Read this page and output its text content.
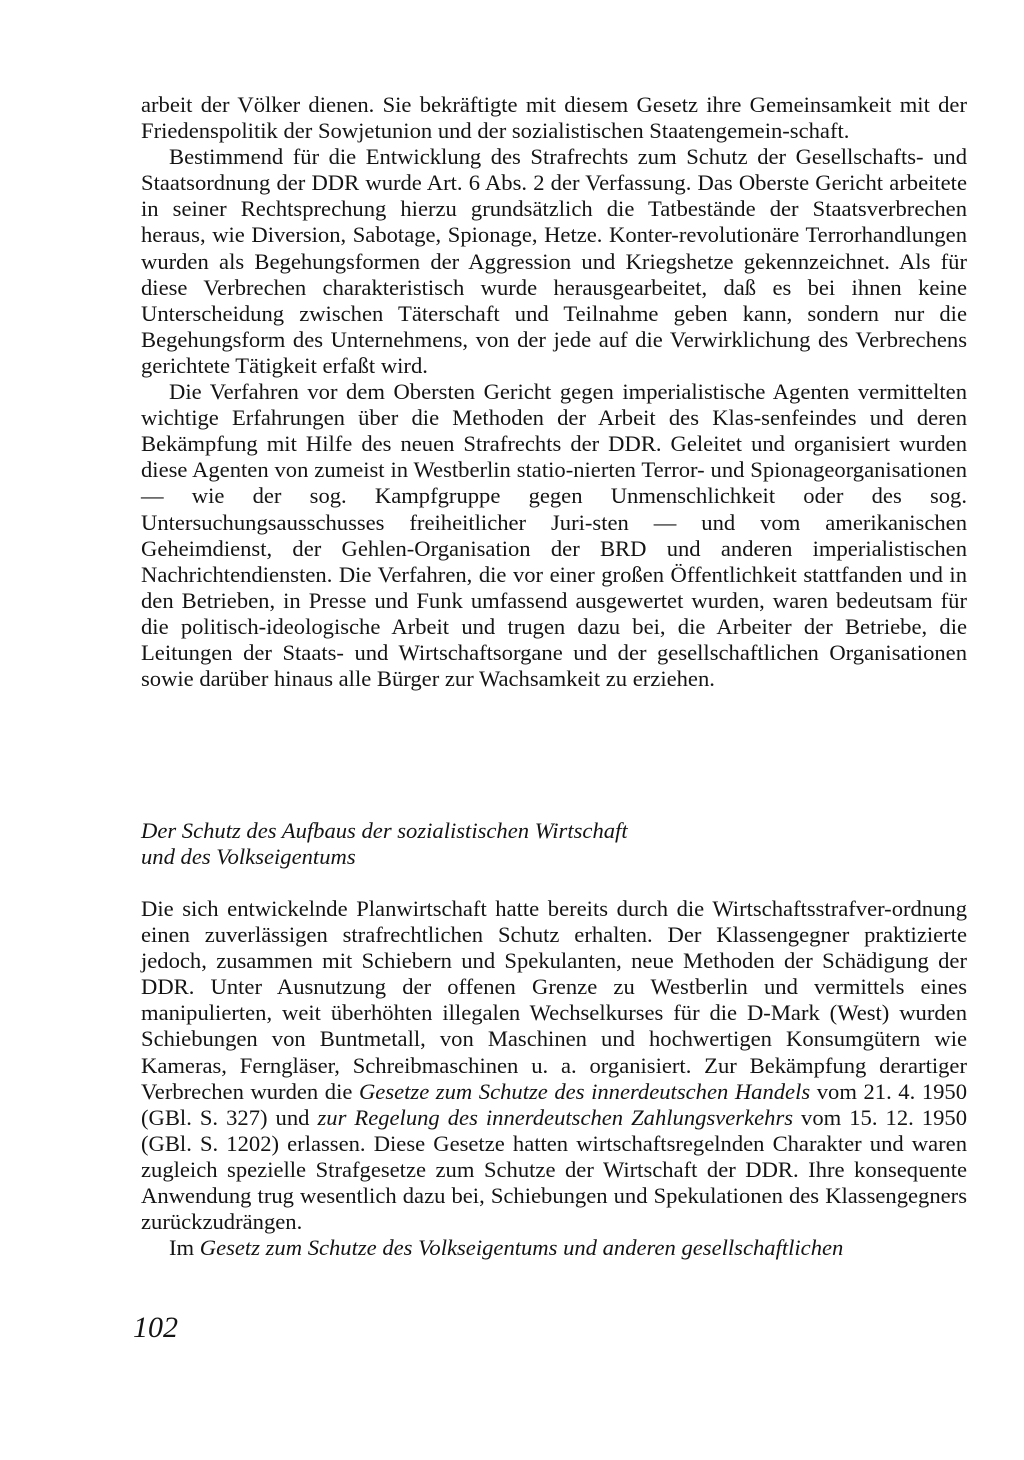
arbeit der Völker dienen. Sie bekräftigte mit diesem Gesetz ihre Gemeinsamkeit mit der Friedenspolitik der Sowjetunion und der sozialistischen Staatengemein-schaft.

Bestimmend für die Entwicklung des Strafrechts zum Schutz der Gesellschafts- und Staatsordnung der DDR wurde Art. 6 Abs. 2 der Verfassung. Das Oberste Gericht arbeitete in seiner Rechtsprechung hierzu grundsätzlich die Tatbestände der Staatsverbrechen heraus, wie Diversion, Sabotage, Spionage, Hetze. Konter-revolutionäre Terrorhandlungen wurden als Begehungsformen der Aggression und Kriegshetze gekennzeichnet. Als für diese Verbrechen charakteristisch wurde herausgearbeitet, daß es bei ihnen keine Unterscheidung zwischen Täterschaft und Teilnahme geben kann, sondern nur die Begehungsform des Unternehmens, von der jede auf die Verwirklichung des Verbrechens gerichtete Tätigkeit erfaßt wird.

Die Verfahren vor dem Obersten Gericht gegen imperialistische Agenten vermittelten wichtige Erfahrungen über die Methoden der Arbeit des Klas-senfeindes und deren Bekämpfung mit Hilfe des neuen Strafrechts der DDR. Geleitet und organisiert wurden diese Agenten von zumeist in Westberlin statio-nierten Terror- und Spionageorganisationen — wie der sog. Kampfgruppe gegen Unmenschlichkeit oder des sog. Untersuchungsausschusses freiheitlicher Juri-sten — und vom amerikanischen Geheimdienst, der Gehlen-Organisation der BRD und anderen imperialistischen Nachrichtendiensten. Die Verfahren, die vor einer großen Öffentlichkeit stattfanden und in den Betrieben, in Presse und Funk umfassend ausgewertet wurden, waren bedeutsam für die politisch-ideologische Arbeit und trugen dazu bei, die Arbeiter der Betriebe, die Leitungen der Staats- und Wirtschaftsorgane und der gesellschaftlichen Organisationen sowie darüber hinaus alle Bürger zur Wachsamkeit zu erziehen.

Der Schutz des Aufbaus der sozialistischen Wirtschaft
und des Volkseigentums

Die sich entwickelnde Planwirtschaft hatte bereits durch die Wirtschaftsstrafver-ordnung einen zuverlässigen strafrechtlichen Schutz erhalten. Der Klassengegner praktizierte jedoch, zusammen mit Schiebern und Spekulanten, neue Methoden der Schädigung der DDR. Unter Ausnutzung der offenen Grenze zu Westberlin und vermittels eines manipulierten, weit überhöhten illegalen Wechselkurses für die D-Mark (West) wurden Schiebungen von Buntmetall, von Maschinen und hochwertigen Konsumgütern wie Kameras, Ferngläser, Schreibmaschinen u. a. organisiert. Zur Bekämpfung derartiger Verbrechen wurden die Gesetze zum Schutze des innerdeutschen Handels vom 21. 4. 1950 (GBl. S. 327) und zur Regelung des innerdeutschen Zahlungsverkehrs vom 15. 12. 1950 (GBl. S. 1202) erlassen. Diese Gesetze hatten wirtschaftsregelnden Charakter und waren zugleich spezielle Strafgesetze zum Schutze der Wirtschaft der DDR. Ihre konsequente Anwendung trug wesentlich dazu bei, Schiebungen und Spekulationen des Klassengegners zurückzudrängen.

Im Gesetz zum Schutze des Volkseigentums und anderen gesellschaftlichen

102
